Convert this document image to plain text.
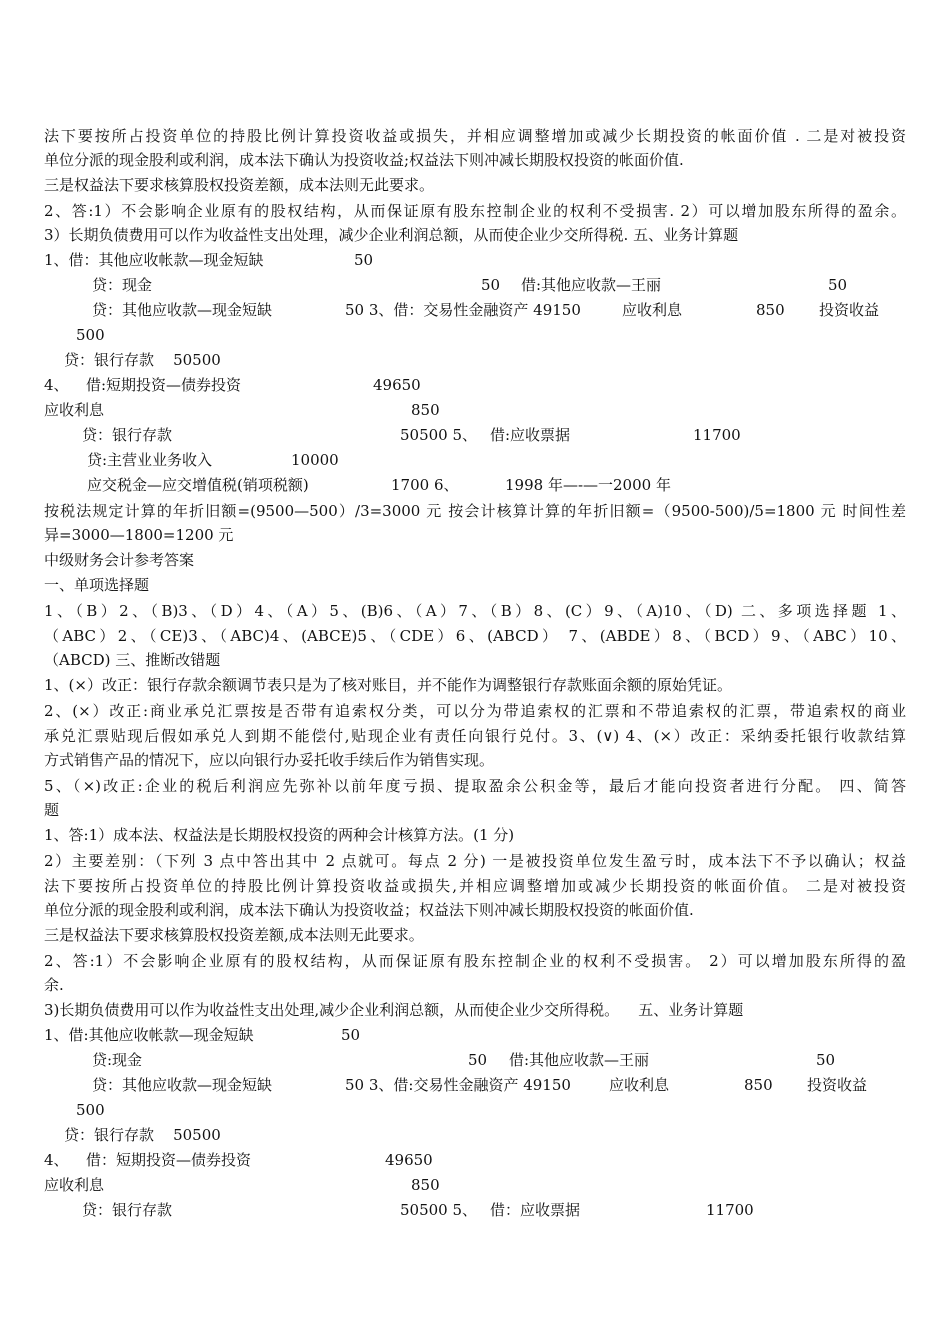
法下要按所占投资单位的持股比例计算投资收益或损失，并相应调整增加或减少长期投资的帐面价值 . 二是对被投资
单位分派的现金股利或利润，成本法下确认为投资收益;权益法下则冲减长期股权投资的帐面价值.
三是权益法下要求核算股权投资差额，成本法则无此要求。
2、答:1）不会影响企业原有的股权结构，从而保证原有股东控制企业的权利不受损害. 2）可以增加股东所得的盈余。
3）长期负债费用可以作为收益性支出处理，减少企业利润总额，从而使企业少交所得税. 五、业务计算题
1、借：其他应收帐款—现金短缺	50
贷：现金	50 借:其他应收款—王丽	50
贷：其他应收款—现金短缺	50 3、借：交易性金融资产 49150	应收利息	850 投资收益
500
贷：银行存款    50500
4、 借:短期投资—债券投资	49650
应收利息	850
贷：银行存款	50500 5、 借:应收票据	11700
贷:主营业业务收入	10000
应交税金—应交增值税(销项税额)	1700 6、	1998 年—-—一2000 年
按税法规定计算的年折旧额=(9500—500）/3=3000 元 按会计核算计算的年折旧额=（9500-500)/5=1800 元 时间性差
异=3000—1800=1200 元
中级财务会计参考答案
一、单项选择题
1、（B）2、（B)3、（D）4、（A）5、(B)6、（A）7、（B）8、(C）9、（A)10、（D) 二、多项选择题 1、
（ABC）2、（CE)3、（ABC)4、(ABCE)5、（CDE）6、(ABCD） 7、(ABDE）8、（BCD）9、（ABC）10、
（ABCD) 三、推断改错题
1、(×）改正：银行存款余额调节表只是为了核对账目，并不能作为调整银行存款账面余额的原始凭证。
2、(×）改正:商业承兑汇票按是否带有追索权分类，可以分为带追索权的汇票和不带追索权的汇票，带追索权的商业
承兑汇票贴现后假如承兑人到期不能偿付,贴现企业有责任向银行兑付。3、(∨) 4、(×）改正：采纳委托银行收款结算
方式销售产品的情况下，应以向银行办妥托收手续后作为销售实现。
5、（×)改正:企业的税后利润应先弥补以前年度亏损、提取盈余公积金等，最后才能向投资者进行分配。 四、简答
题
1、答:1）成本法、权益法是长期股权投资的两种会计核算方法。(1 分)
2）主要差别：（下列 3 点中答出其中 2 点就可。每点 2 分) 一是被投资单位发生盈亏时，成本法下不予以确认；权益
法下要按所占投资单位的持股比例计算投资收益或损失,并相应调整增加或减少长期投资的帐面价值。 二是对被投资
单位分派的现金股利或利润，成本法下确认为投资收益；权益法下则冲减长期股权投资的帐面价值.
三是权益法下要求核算股权投资差额,成本法则无此要求。
2、答:1）不会影响企业原有的股权结构，从而保证原有股东控制企业的权利不受损害。 2）可以增加股东所得的盈
余.
3)长期负债费用可以作为收益性支出处理,减少企业利润总额，从而使企业少交所得税。    五、业务计算题
1、借:其他应收帐款—现金短缺	50
贷:现金	50 借:其他应收款—王丽	50
贷：其他应收款—现金短缺	50 3、借:交易性金融资产 49150	应收利息	850 投资收益
500
贷：银行存款    50500
4、 借：短期投资—债券投资	49650
应收利息	850
贷：银行存款	50500 5、 借：应收票据	11700
